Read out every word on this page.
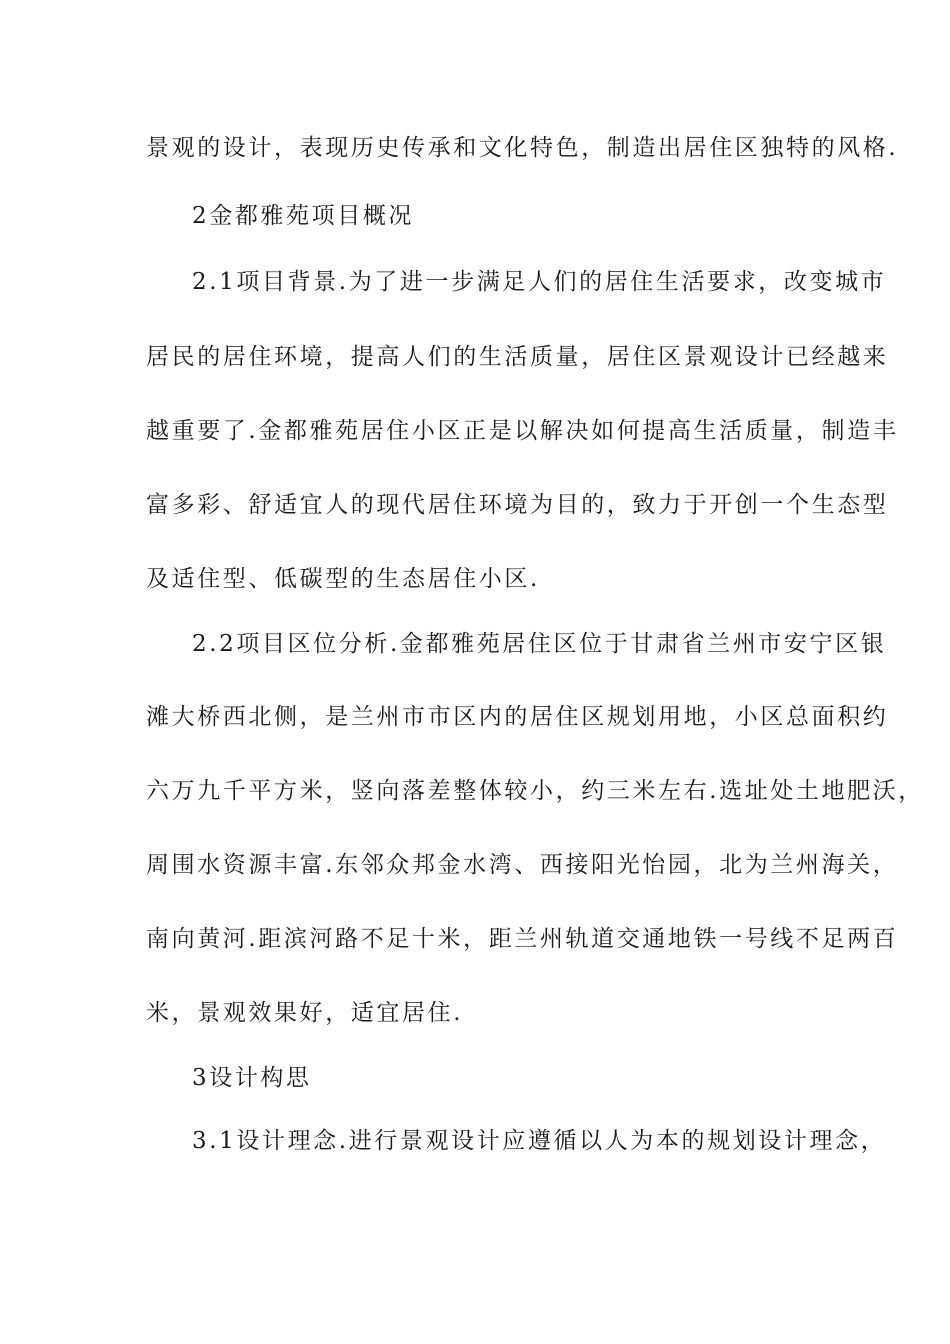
景观的设计，表现历史传承和文化特色，制造出居住区独特的风格.
2金都雅苑项目概况
2.1项目背景.为了进一步满足人们的居住生活要求，改变城市
居民的居住环境，提高人们的生活质量，居住区景观设计已经越来
越重要了.金都雅苑居住小区正是以解决如何提高生活质量，制造丰
富多彩、舒适宜人的现代居住环境为目的，致力于开创一个生态型
及适住型、低碳型的生态居住小区.
2.2项目区位分析.金都雅苑居住区位于甘肃省兰州市安宁区银
滩大桥西北侧，是兰州市市区内的居住区规划用地，小区总面积约
六万九千平方米，竖向落差整体较小，约三米左右.选址处土地肥沃，
周围水资源丰富.东邻众邦金水湾、西接阳光怡园，北为兰州海关，
南向黄河.距滨河路不足十米，距兰州轨道交通地铁一号线不足两百
米，景观效果好，适宜居住.
3设计构思
3.1设计理念.进行景观设计应遵循以人为本的规划设计理念，
